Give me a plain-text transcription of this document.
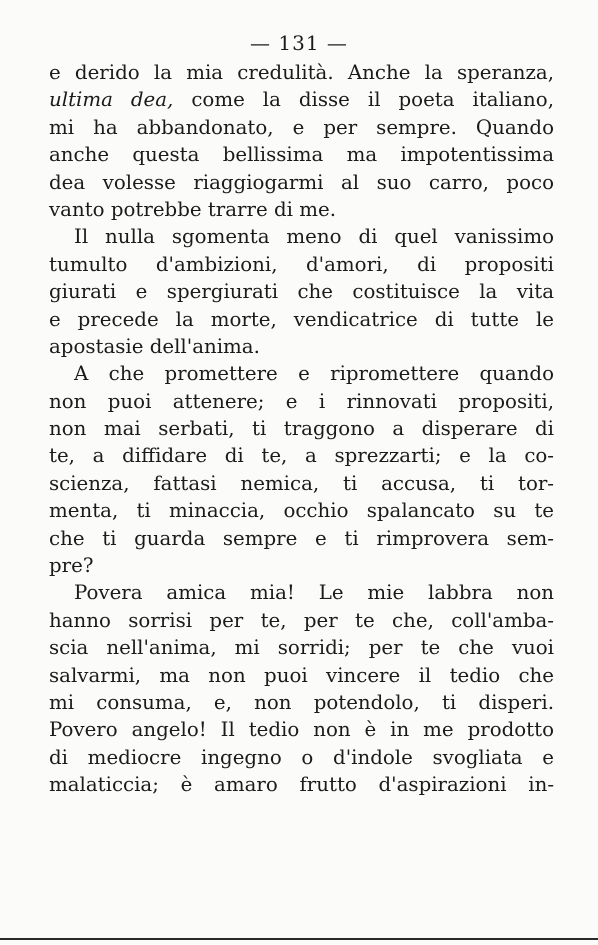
— 131 —
e derido la mia credulità. Anche la speranza,
ultima dea, come la disse il poeta italiano,
mi ha abbandonato, e per sempre. Quando
anche questa bellissima ma impotentissima
dea volesse riaggiogarmi al suo carro, poco
vanto potrebbe trarre di me.
Il nulla sgomenta meno di quel vanissimo
tumulto d'ambizioni, d'amori, di propositi
giurati e spergiurati che costituisce la vita
e precede la morte, vendicatrice di tutte le
apostasie dell'anima.
A che promettere e ripromettere quando
non puoi attenere; e i rinnovati propositi,
non mai serbati, ti traggono a disperare di
te, a diffidare di te, a sprezzarti; e la co-
scienza, fattasi nemica, ti accusa, ti tor-
menta, ti minaccia, occhio spalancato su te
che ti guarda sempre e ti rimprovera sem-
pre?
Povera amica mia! Le mie labbra non
hanno sorrisi per te, per te che, coll'amba-
scia nell'anima, mi sorridi; per te che vuoi
salvarmi, ma non puoi vincere il tedio che
mi consuma, e, non potendolo, ti disperi.
Povero angelo! Il tedio non è in me prodotto
di mediocre ingegno o d'indole svogliata e
malaticcia; è amaro frutto d'aspirazioni in-
